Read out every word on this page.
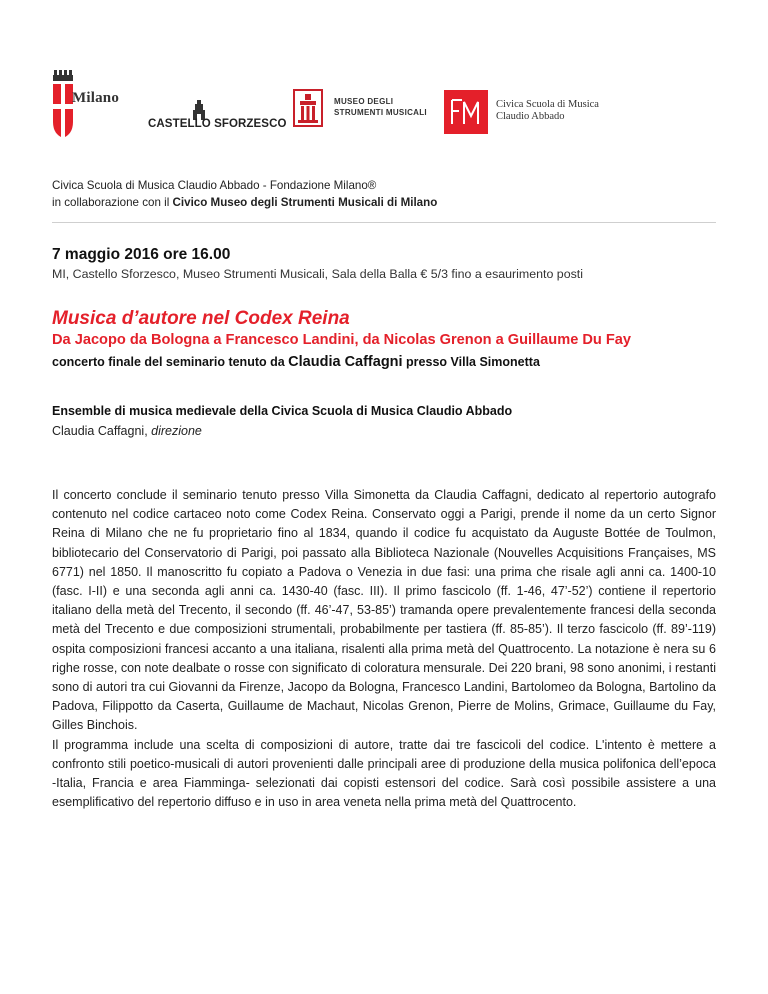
Milano
CASTELLO SFORZESCO
MUSEO DEGLI
STRUMENTI MUSICALI
Civica Scuola di Musica
Claudio Abbado
Civica Scuola di Musica Claudio Abbado - Fondazione Milano®
in collaborazione con il Civico Museo degli Strumenti Musicali di Milano
7 maggio 2016 ore 16.00
MI, Castello Sforzesco, Museo Strumenti Musicali, Sala della Balla € 5/3 fino a esaurimento posti
Musica d’autore nel Codex Reina
Da Jacopo da Bologna a Francesco Landini, da Nicolas Grenon a Guillaume Du Fay
concerto finale del seminario tenuto da Claudia Caffagni presso Villa Simonetta
Ensemble di musica medievale della Civica Scuola di Musica Claudio Abbado
Claudia Caffagni, direzione

Il concerto conclude il seminario tenuto presso Villa Simonetta da Claudia Caffagni, dedicato al repertorio autografo contenuto nel codice cartaceo noto come Codex Reina. Conservato oggi a Parigi, prende il nome da un certo Signor Reina di Milano che ne fu proprietario fino al 1834, quando il codice fu acquistato da Auguste Bottée de Toulmon, bibliotecario del Conservatorio di Parigi, poi passato alla Biblioteca Nazionale (Nouvelles Acquisitions Françaises, MS 6771) nel 1850. Il manoscritto fu copiato a Padova o Venezia in due fasi: una prima che risale agli anni ca. 1400-10 (fasc. I-II) e una seconda agli anni ca. 1430-40 (fasc. III). Il primo fascicolo (ff. 1-46, 47’-52’) contiene il repertorio italiano della metà del Trecento, il secondo (ff. 46’-47, 53-85’) tramanda opere prevalentemente francesi della seconda metà del Trecento e due composizioni strumentali, probabilmente per tastiera (ff. 85-85’). Il terzo fascicolo (ff. 89’-119) ospita composizioni francesi accanto a una italiana, risalenti alla prima metà del Quattrocento. La notazione è nera su 6 righe rosse, con note dealbate o rosse con significato di coloratura mensurale. Dei 220 brani, 98 sono anonimi, i restanti sono di autori tra cui Giovanni da Firenze, Jacopo da Bologna, Francesco Landini, Bartolomeo da Bologna, Bartolino da Padova, Filippotto da Caserta, Guillaume de Machaut, Nicolas Grenon, Pierre de Molins, Grimace, Guillaume du Fay, Gilles Binchois.

Il programma include una scelta di composizioni di autore, tratte dai tre fascicoli del codice. L'intento è mettere a confronto stili poetico-musicali di autori provenienti dalle principali aree di produzione della musica polifonica dell’epoca -Italia, Francia e area Fiamminga- selezionati dai copisti estensori del codice. Sarà così possibile assistere a una esemplificativo del repertorio diffuso e in uso in area veneta nella prima metà del Quattrocento.
